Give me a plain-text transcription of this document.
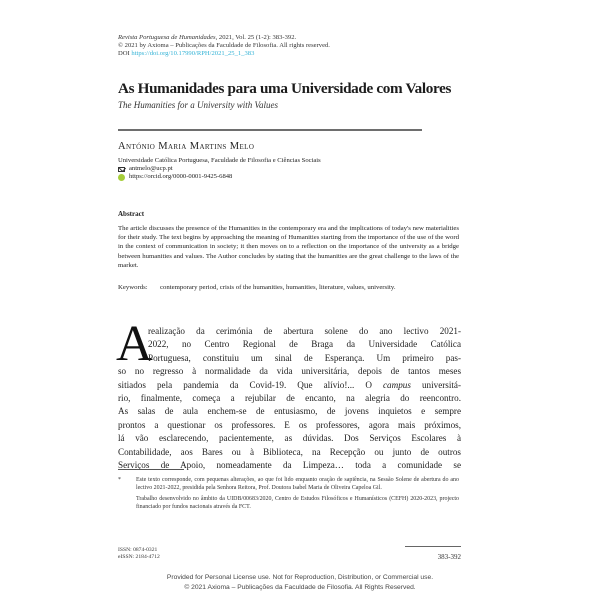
Revista Portuguesa de Humanidades, 2021, Vol. 25 (1-2): 383-392.
© 2021 by Axioma – Publicações da Faculdade de Filosofia. All rights reserved.
DOI https://doi.org/10.17990/RPH/2021_25_1_383
As Humanidades para uma Universidade com Valores
The Humanities for a University with Values
António Maria Martins Melo
Universidade Católica Portuguesa, Faculdade de Filosofia e Ciências Sociais
antmelo@ucp.pt
https://orcid.org/0000-0001-9425-6848
Abstract
The article discusses the presence of the Humanities in the contemporary era and the implications of today's new materialities for their study. The text begins by approaching the meaning of Humanities starting from the importance of the use of the word in the context of communication in society; it then moves on to a reflection on the importance of the university as a bridge between humanities and values. The Author concludes by stating that the humanities are the great challenge to the laws of the market.
Keywords:	contemporary period, crisis of the humanities, humanities, literature, values, university.
A
realização da cerimónia de abertura solene do ano lectivo 2021-
2022, no Centro Regional de Braga da Universidade Católica
Portuguesa, constituiu um sinal de Esperança. Um primeiro pas-
so no regresso à normalidade da vida universitária, depois de tantos meses
sitiados pela pandemia da Covid-19. Que alívio!... O campus universitá-
rio, finalmente, começa a rejubilar de encanto, na alegria do reencontro.
As salas de aula enchem-se de entusiasmo, de jovens inquietos e sempre
prontos a questionar os professores. E os professores, agora mais próximos,
lá vão esclarecendo, pacientemente, as dúvidas. Dos Serviços Escolares à
Contabilidade, aos Bares ou à Biblioteca, na Recepção ou junto de outros
Serviços de Apoio, nomeadamente da Limpeza… toda a comunidade se
*	Este texto corresponde, com pequenas alterações, ao que foi lido enquanto oração de sapiência, na Sessão Solene de abertura do ano lectivo 2021-2022, presidida pela Senhora Reitora, Prof. Doutora Isabel Maria de Oliveira Capeloa Gil.
Trabalho desenvolvido no âmbito da UIDB/00683/2020, Centro de Estudos Filosóficos e Humanísticos (CEFH) 2020-2023, projecto financiado por fundos nacionais através da FCT.
ISSN: 0874-0321
eISSN: 2184-4712	383-392
Provided for Personal License use. Not for Reproduction, Distribution, or Commercial use.
© 2021 Axioma – Publicações da Faculdade de Filosofia. All Rights Reserved.
